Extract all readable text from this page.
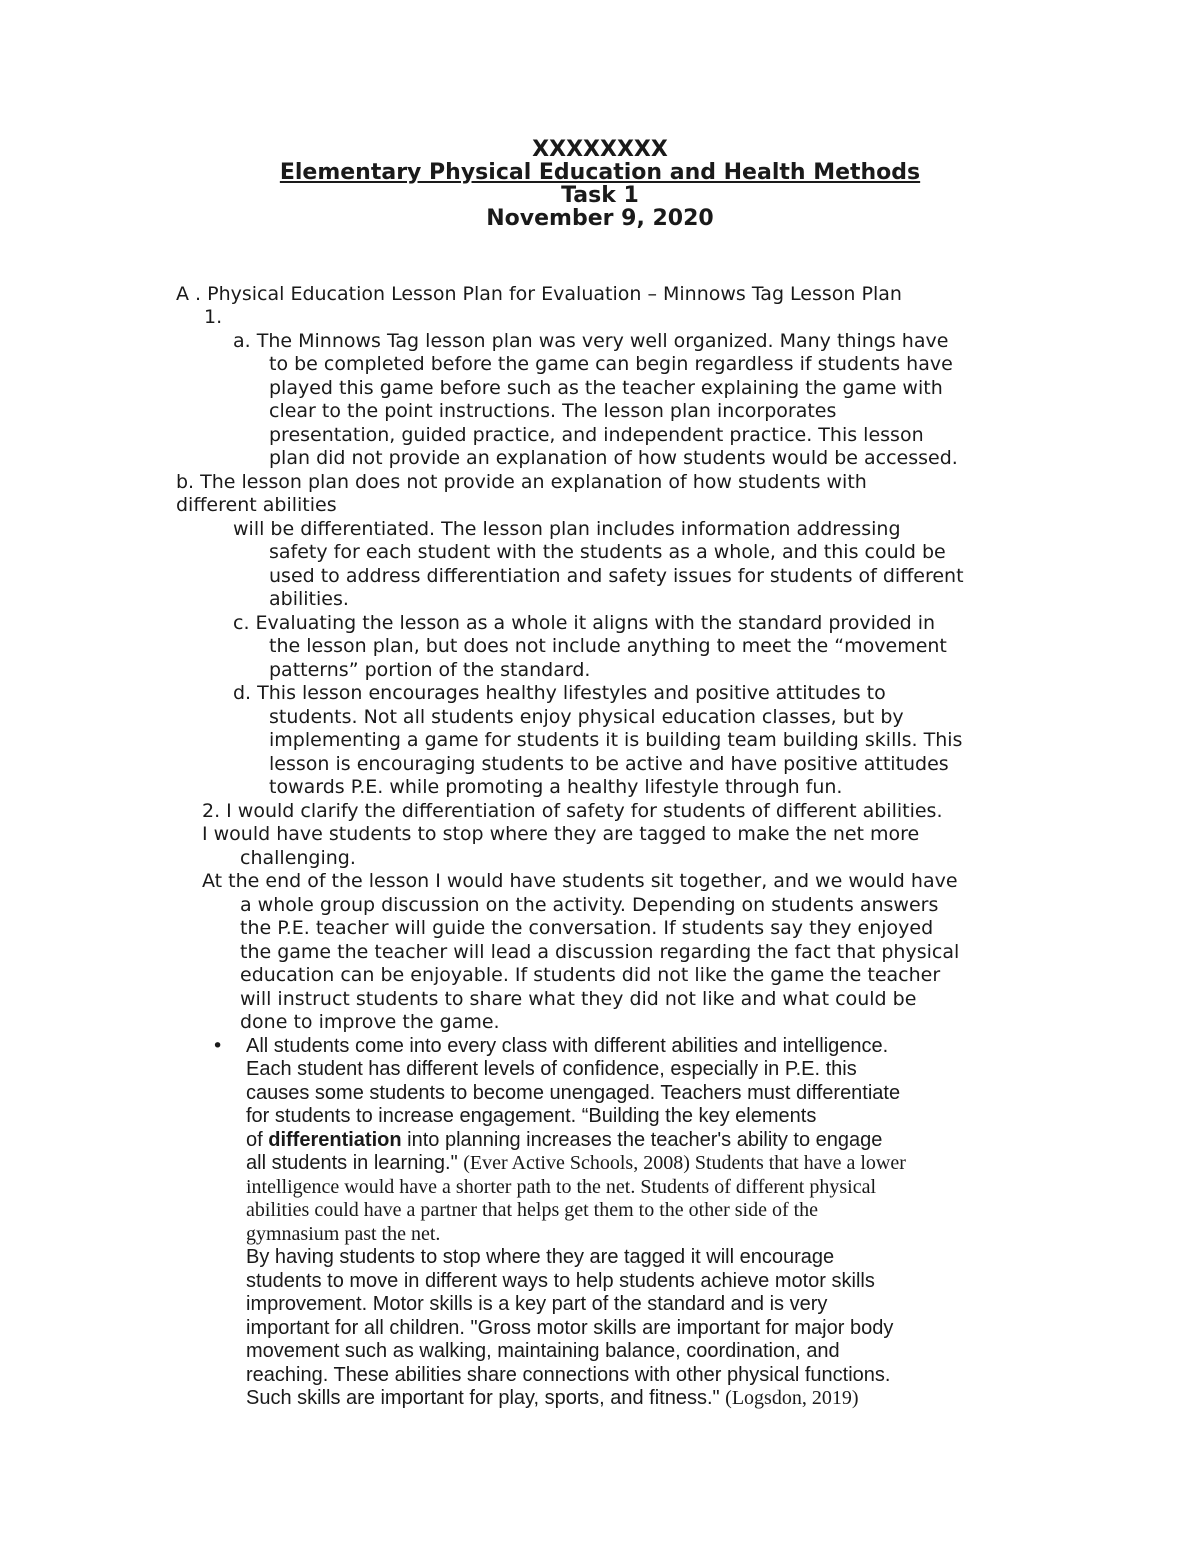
XXXXXXXX
Elementary Physical Education and Health Methods
Task 1
November 9, 2020
A . Physical Education Lesson Plan for Evaluation – Minnows Tag Lesson Plan
1.
a. The Minnows Tag lesson plan was very well organized. Many things have
to be completed before the game can begin regardless if students have
played this game before such as the teacher explaining the game with
clear to the point instructions. The lesson plan incorporates
presentation, guided practice, and independent practice. This lesson
plan did not provide an explanation of how students would be accessed.
b. The lesson plan does not provide an explanation of how students with
different abilities
will be differentiated. The lesson plan includes information addressing
safety for each student with the students as a whole, and this could be
used to address differentiation and safety issues for students of different
abilities.
c. Evaluating the lesson as a whole it aligns with the standard provided in
the lesson plan, but does not include anything to meet the “movement
patterns” portion of the standard.
d. This lesson encourages healthy lifestyles and positive attitudes to
students. Not all students enjoy physical education classes, but by
implementing a game for students it is building team building skills. This
lesson is encouraging students to be active and have positive attitudes
towards P.E. while promoting a healthy lifestyle through fun.
2. I would clarify the differentiation of safety for students of different abilities.
I would have students to stop where they are tagged to make the net more
challenging.
At the end of the lesson I would have students sit together, and we would have
a whole group discussion on the activity. Depending on students answers
the P.E. teacher will guide the conversation. If students say they enjoyed
the game the teacher will lead a discussion regarding the fact that physical
education can be enjoyable. If students did not like the game the teacher
will instruct students to share what they did not like and what could be
done to improve the game.
• All students come into every class with different abilities and intelligence.
Each student has different levels of confidence, especially in P.E. this
causes some students to become unengaged. Teachers must differentiate
for students to increase engagement. “Building the key elements
of differentiation into planning increases the teacher's ability to engage
all students in learning." (Ever Active Schools, 2008) Students that have a lower
intelligence would have a shorter path to the net. Students of different physical
abilities could have a partner that helps get them to the other side of the
gymnasium past the net.
By having students to stop where they are tagged it will encourage
students to move in different ways to help students achieve motor skills
improvement. Motor skills is a key part of the standard and is very
important for all children. "Gross motor skills are important for major body
movement such as walking, maintaining balance, coordination, and
reaching. These abilities share connections with other physical functions.
Such skills are important for play, sports, and fitness." (Logsdon, 2019)
